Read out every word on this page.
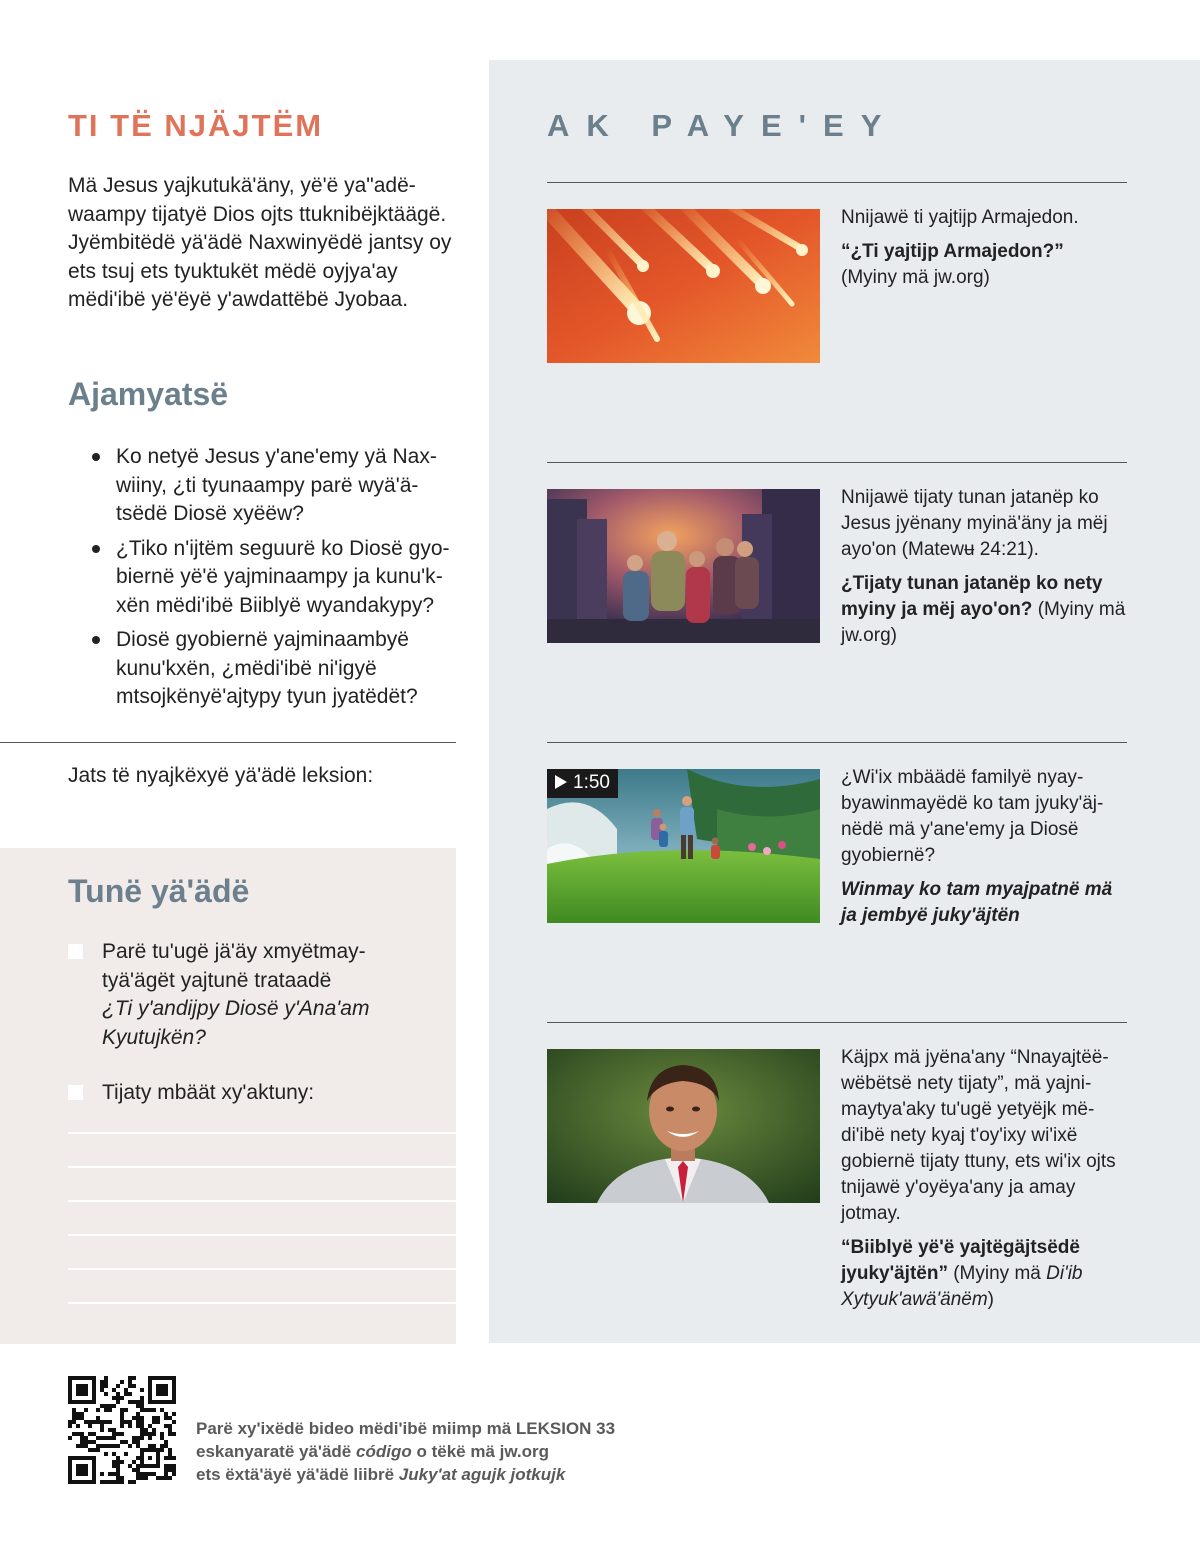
TI TË NJÄJTËM

Mä Jesus yajkutukä'äny, yë'ë ya"adëwaampy tijatyë Dios ojts ttuknibëjktäägë. Jyëmbitëdë yä'ädë Naxwinyëdë jantsy oy ets tsuj ets tyuktukët mëdë oyjya'ay mëdi'ibë yë'ëyë y'awdattëbë Jyobaa.

Ajamyatsë
Ko netyë Jesus y'ane'emy yä Naxwiiny, ¿ti tyunaampy parë wyä'ätsëdë Diosë xyëëw?
¿Tiko n'ijtëm seguurë ko Diosë gyobiernë yë'ë yajminaampy ja kunu'kxën mëdi'ibë Biiblyë wyandakypy?
Diosë gyobiernë yajminaambyë kunu'kxën, ¿mëdi'ibë ni'igyë mtsojkënyë'ajtypy tyun jyatëdët?

Jats të nyajkëxyë yä'ädë leksion:

Tunë yä'ädë
Parë tu'ugë jä'äy xmyëtmaytyä'ägët yajtunë trataadë
¿Ti y'andijpy Diosë y'Ana'am Kyutujkën?
Tijaty mbäät xy'aktuny:
AK PAYE'EY

Nnijawë ti yajtijp Armajedon.

“¿Ti yajtijp Armajedon?”

(Myiny mä jw.org)

Nnijawë tijaty tunan jatanëp ko Jesus jyënany myinä'äny ja mëj ayo'on (Matewʉ 24:21).

¿Tijaty tunan jatanëp ko nety myiny ja mëj ayo'on? (Myiny mä jw.org)

1:50	¿Wi'ix mbäädë familyë nyaybyawinmayëdë ko tam jyuky'äjnëdë mä y'ane'emy ja Diosë gyobiernë?

Winmay ko tam myajpatnë mä ja jembyë juky'äjtën

Käjpx mä jyëna'any “Nnayajtëëwëbëtsë nety tijaty”, mä yajnimaytya'aky tu'ugë yetyëjk mëdi'ibë nety kyaj t'oy'ixy wi'ixë gobiernë tijaty ttuny, ets wi'ix ojts tnijawë y'oyëya'any ja amay jotmay.

“Biiblyë yë'ë yajtëgäjtsëdë jyuky'äjtën” (Myiny mä Di'ib Xytyuk'awä'änëm)

Parë xy'ixëdë bideo mëdi'ibë miimp mä LEKSION 33

eskanyaratë yä'ädë código o tëkë mä jw.org

ets ëxtä'äyë yä'ädë liibrë Juky'at agujk jotkujk
